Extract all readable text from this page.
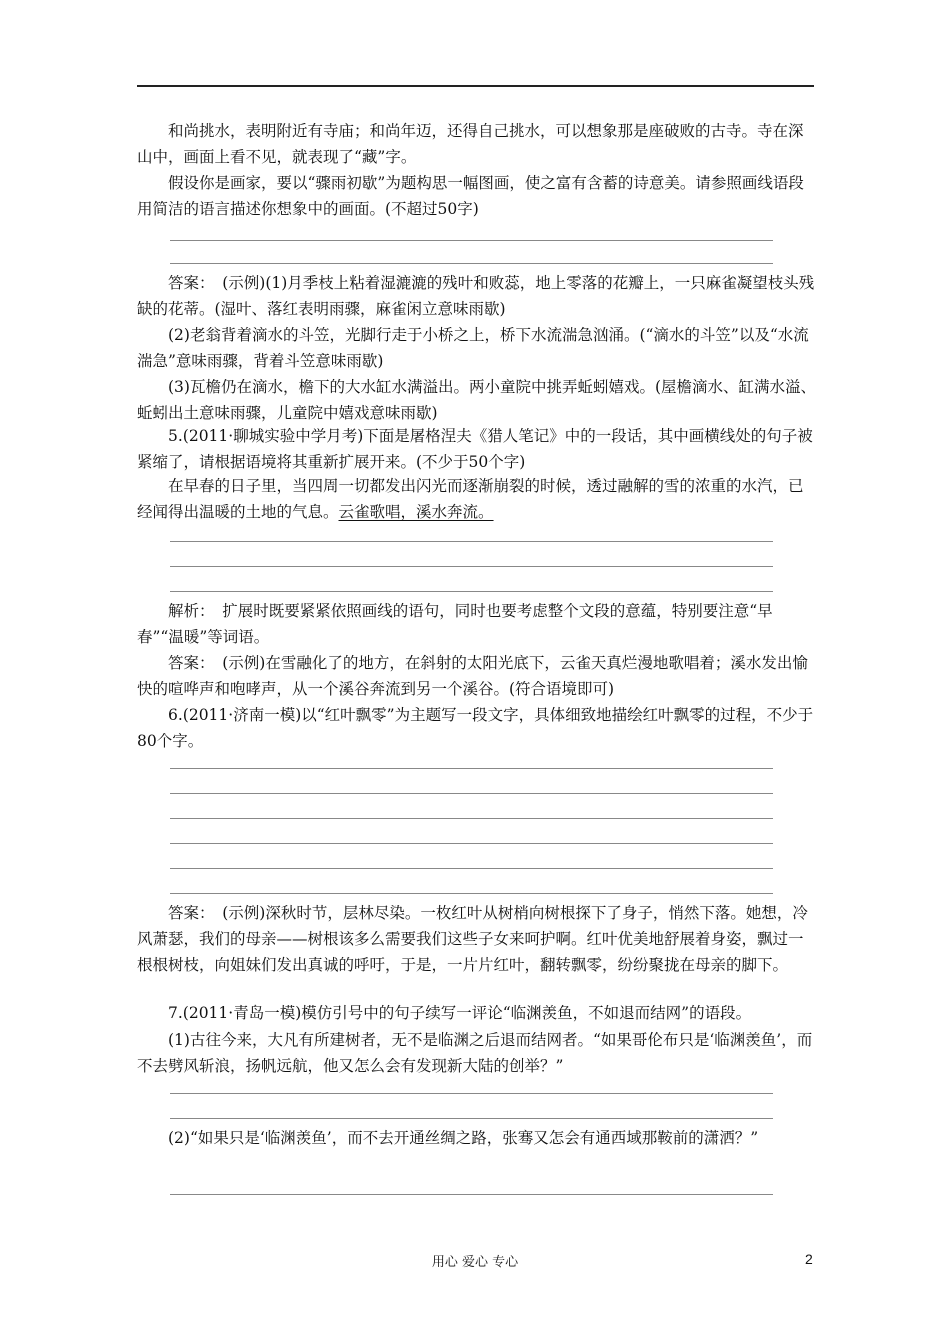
　　和尚挑水，表明附近有寺庙；和尚年迈，还得自己挑水，可以想象那是座破败的古寺。寺在深山中，画面上看不见，就表现了“藏”字。

　　假设你是画家，要以“骤雨初歇”为题构思一幅图画，使之富有含蓄的诗意美。请参照画线语段用简洁的语言描述你想象中的画面。(不超过50字)

　　答案：　(示例)(1)月季枝上粘着湿漉漉的残叶和败蕊，地上零落的花瓣上，一只麻雀凝望枝头残缺的花蒂。(湿叶、落红表明雨骤，麻雀闲立意味雨歇)

　　(2)老翁背着滴水的斗笠，光脚行走于小桥之上，桥下水流湍急汹涌。(“滴水的斗笠”以及“水流湍急”意味雨骤，背着斗笠意味雨歇)

　　(3)瓦檐仍在滴水，檐下的大水缸水满溢出。两小童院中挑弄蚯蚓嬉戏。(屋檐滴水、缸满水溢、蚯蚓出土意味雨骤，儿童院中嬉戏意味雨歇)

　　5.(2011·聊城实验中学月考)下面是屠格涅夫《猎人笔记》中的一段话，其中画横线处的句子被紧缩了，请根据语境将其重新扩展开来。(不少于50个字)

　　在早春的日子里，当四周一切都发出闪光而逐渐崩裂的时候，透过融解的雪的浓重的水汽，已经闻得出温暖的土地的气息。云雀歌唱，溪水奔流。

　　解析：　扩展时既要紧紧依照画线的语句，同时也要考虑整个文段的意蕴，特别要注意“早春”“温暖”等词语。

　　答案：　(示例)在雪融化了的地方，在斜射的太阳光底下，云雀天真烂漫地歌唱着；溪水发出愉快的喧哗声和咆哮声，从一个溪谷奔流到另一个溪谷。(符合语境即可)

　　6.(2011·济南一模)以“红叶飘零”为主题写一段文字，具体细致地描绘红叶飘零的过程，不少于80个字。

　　答案：　(示例)深秋时节，层林尽染。一枚红叶从树梢向树根探下了身子，悄然下落。她想，冷风萧瑟，我们的母亲——树根该多么需要我们这些子女来呵护啊。红叶优美地舒展着身姿，飘过一根根树枝，向姐妹们发出真诚的呼吁，于是，一片片红叶，翻转飘零，纷纷聚拢在母亲的脚下。

　　7.(2011·青岛一模)模仿引号中的句子续写一评论“临渊羡鱼，不如退而结网”的语段。

　　(1)古往今来，大凡有所建树者，无不是临渊之后退而结网者。“如果哥伦布只是‘临渊羡鱼’，而不去劈风斩浪，扬帆远航，他又怎么会有发现新大陆的创举？”

　　(2)“如果只是‘临渊羡鱼’，而不去开通丝绸之路，张骞又怎会有通西域那鞍前的潇洒？”

用心 爱心 专心	2
